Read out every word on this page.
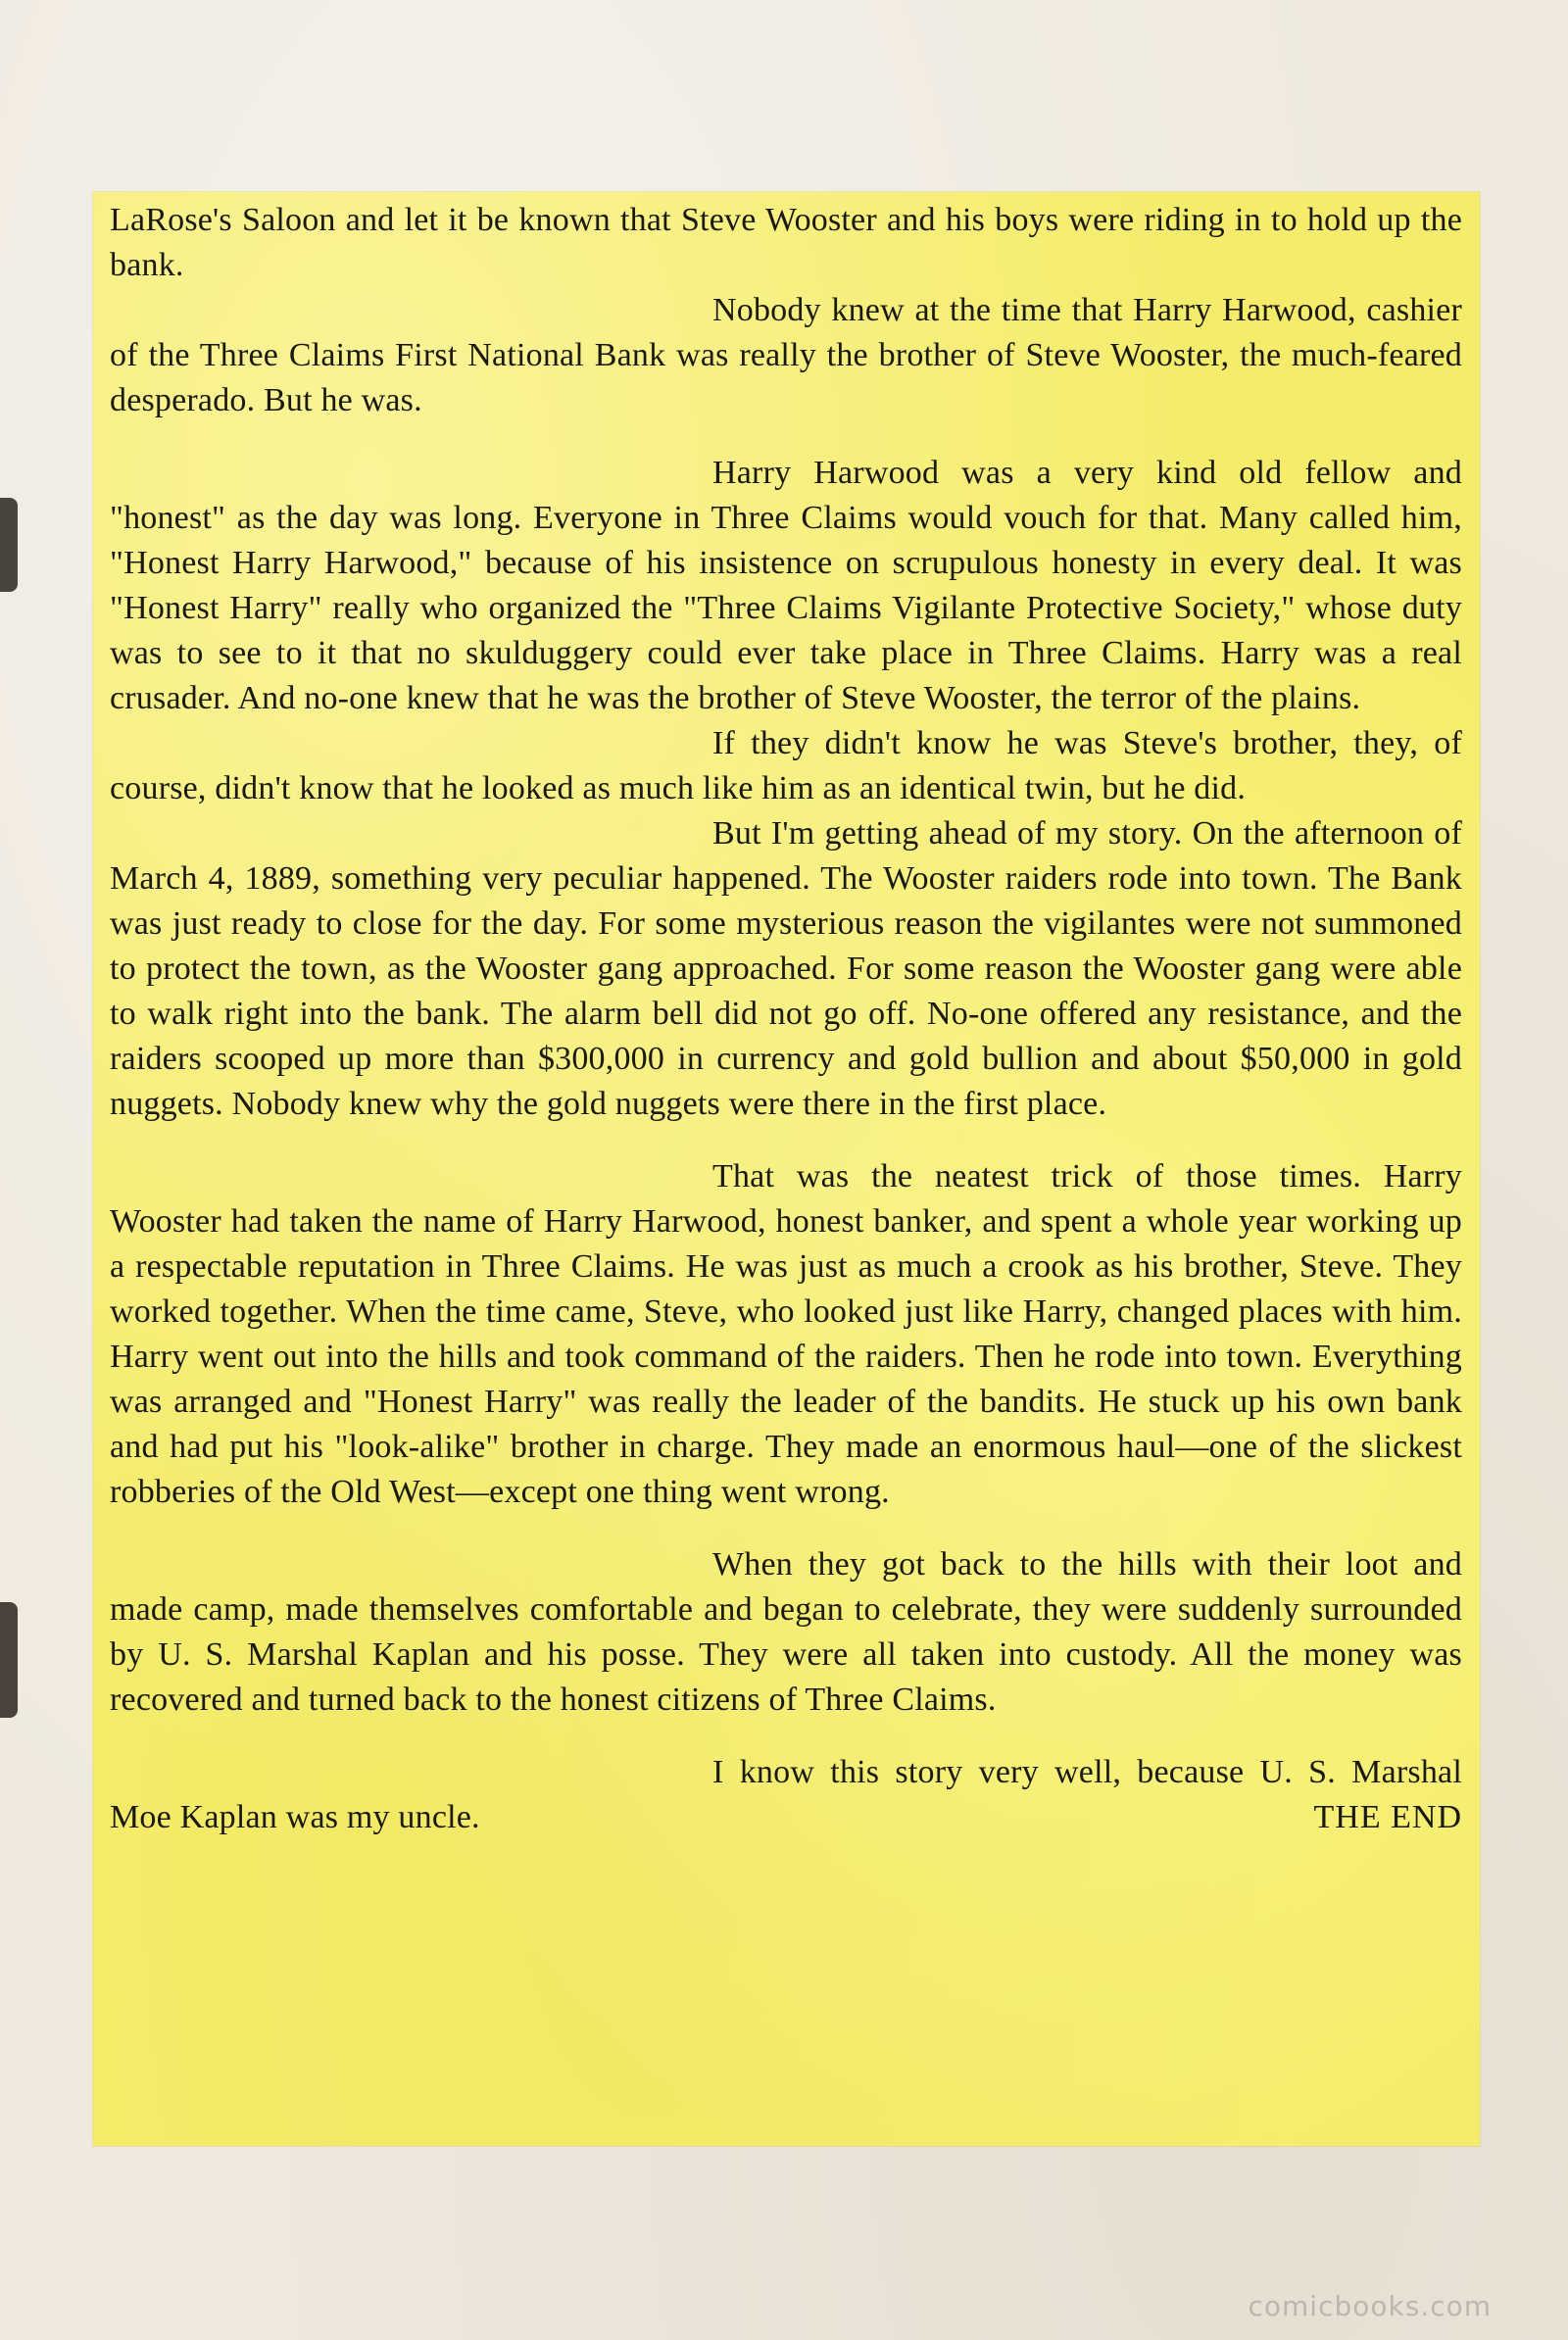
LaRose's Saloon and let it be known that Steve Wooster and his boys were riding in to hold up the bank.

Nobody knew at the time that Harry Harwood, cashier of the Three Claims First National Bank was really the brother of Steve Wooster, the much-feared desperado. But he was.

Harry Harwood was a very kind old fellow and "honest" as the day was long. Everyone in Three Claims would vouch for that. Many called him, "Honest Harry Harwood," because of his insistence on scrupulous honesty in every deal. It was "Honest Harry" really who organized the "Three Claims Vigilante Protective Society," whose duty was to see to it that no skulduggery could ever take place in Three Claims. Harry was a real crusader. And no-one knew that he was the brother of Steve Wooster, the terror of the plains.

If they didn't know he was Steve's brother, they, of course, didn't know that he looked as much like him as an identical twin, but he did.

But I'm getting ahead of my story. On the afternoon of March 4, 1889, something very peculiar happened. The Wooster raiders rode into town. The Bank was just ready to close for the day. For some mysterious reason the vigilantes were not summoned to protect the town, as the Wooster gang approached. For some reason the Wooster gang were able to walk right into the bank. The alarm bell did not go off. No-one offered any resistance, and the raiders scooped up more than $300,000 in currency and gold bullion and about $50,000 in gold nuggets. Nobody knew why the gold nuggets were there in the first place.

That was the neatest trick of those times. Harry Wooster had taken the name of Harry Harwood, honest banker, and spent a whole year working up a respectable reputation in Three Claims. He was just as much a crook as his brother, Steve. They worked together. When the time came, Steve, who looked just like Harry, changed places with him. Harry went out into the hills and took command of the raiders. Then he rode into town. Everything was arranged and "Honest Harry" was really the leader of the bandits. He stuck up his own bank and had put his "look-alike" brother in charge. They made an enormous haul—one of the slickest robberies of the Old West—except one thing went wrong.

When they got back to the hills with their loot and made camp, made themselves comfortable and began to celebrate, they were suddenly surrounded by U. S. Marshal Kaplan and his posse. They were all taken into custody. All the money was recovered and turned back to the honest citizens of Three Claims.

I know this story very well, because U. S. Marshal Moe Kaplan was my uncle.	THE END

comicbooks.com
